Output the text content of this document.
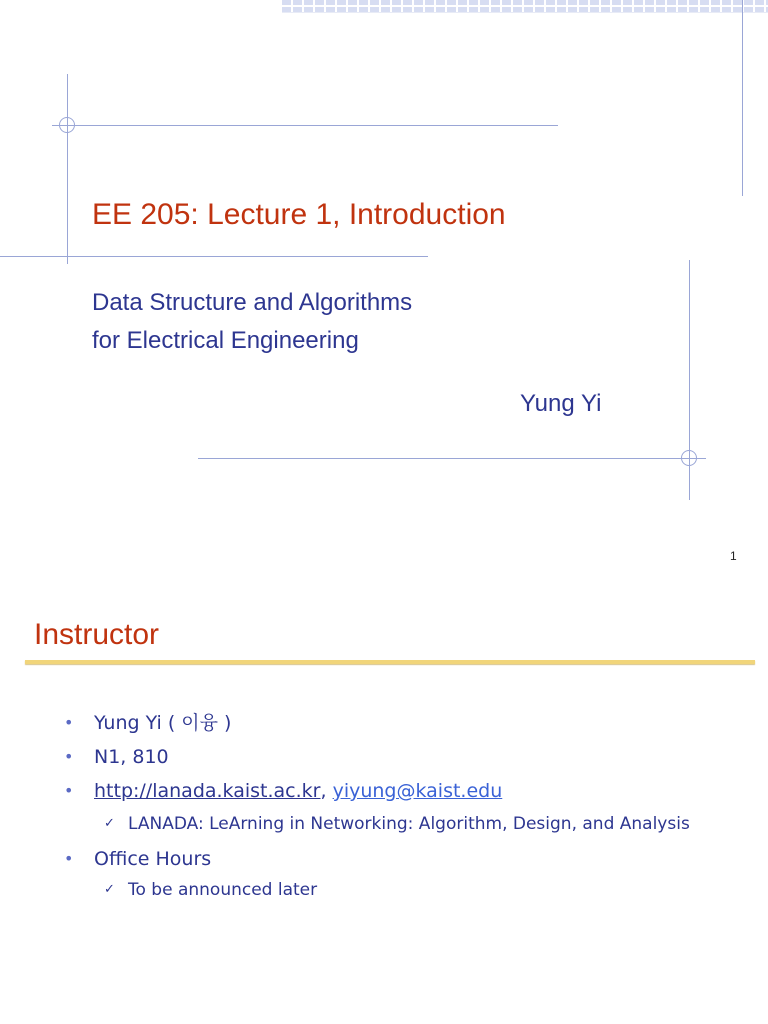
EE 205: Lecture 1, Introduction
Data Structure and Algorithms
for Electrical Engineering
Yung Yi
1
Instructor
• Yung Yi ( 이융 )
• N1, 810
• http://lanada.kaist.ac.kr, yiyung@kaist.edu
✓ LANADA: LeArning in Networking: Algorithm, Design, and Analysis
• Office Hours
✓ To be announced later
